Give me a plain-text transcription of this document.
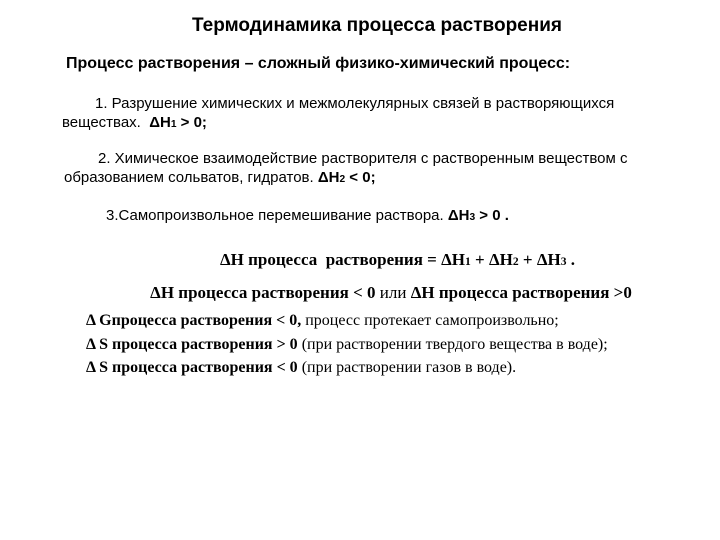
Термодинамика процесса растворения
Процесс растворения – сложный физико-химический процесс:
1. Разрушение химических и межмолекулярных связей в растворяющихся
веществах.  ΔН1 > 0;
2. Химическое взаимодействие растворителя с растворенным веществом с
образованием сольватов, гидратов. ΔН2 < 0;
3.Самопроизвольное перемешивание раствора. ΔН3 > 0 .
ΔН процесса  растворения = ΔН1 + ΔН2 + ΔН3 .
ΔН процесса растворения < 0 или ΔН процесса растворения >0
Δ Gпроцесса растворения < 0, процесс протекает самопроизвольно;
Δ S процесса растворения > 0 (при растворении твердого вещества в воде);
Δ S процесса растворения < 0 (при растворении газов в воде).
